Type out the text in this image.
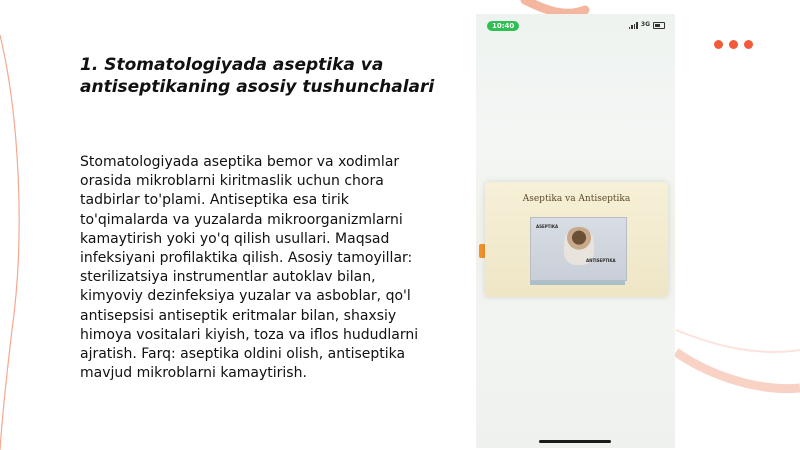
1. Stomatologiyada aseptika va antiseptikaning asosiy tushunchalari

Stomatologiyada aseptika bemor va xodimlar orasida mikroblarni kiritmaslik uchun chora tadbirlar to'plami. Antiseptika esa tirik to'qimalarda va yuzalarda mikroorganizmlarni kamaytirish yoki yo'q qilish usullari. Maqsad infeksiyani profilaktika qilish. Asosiy tamoyillar: sterilizatsiya instrumentlar autoklav bilan, kimyoviy dezinfeksiya yuzalar va asboblar, qo'l antisepsisi antiseptik eritmalar bilan, shaxsiy himoya vositalari kiyish, toza va iflos hududlarni ajratish. Farq: aseptika oldini olish, antiseptika mavjud mikroblarni kamaytirish.

10:40	3G
Aseptika va Antiseptika
ASEPTIKA
ANTISEPTIKA
